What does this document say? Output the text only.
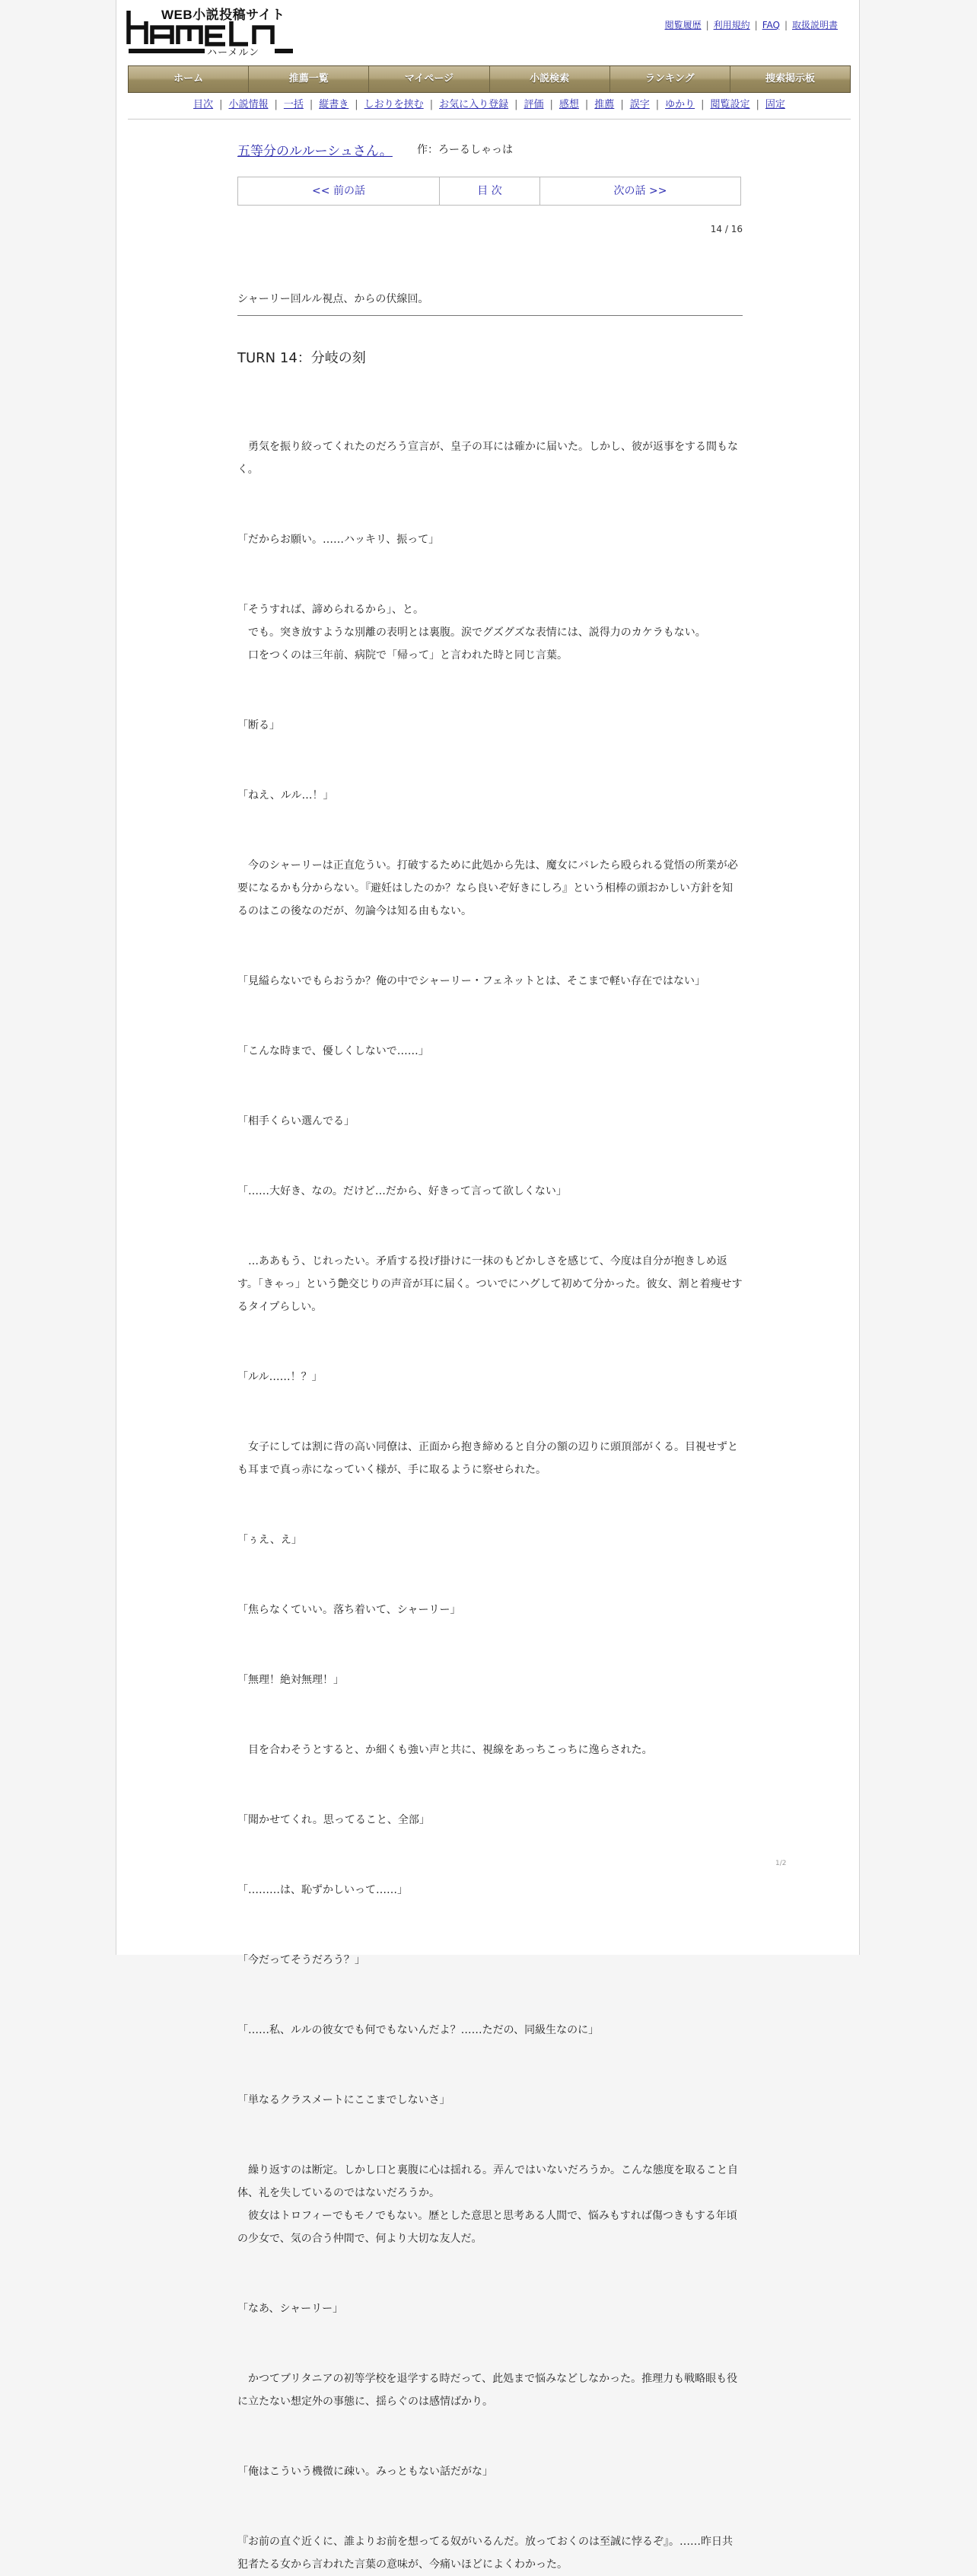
WEB小説投稿サイト
ハーメルン
閲覧履歴 | 利用規約 | FAQ | 取扱説明書
ホーム	推薦一覧	マイページ	小説検索	ランキング	捜索掲示板
目次 | 小説情報 | 一括 | 縦書き | しおりを挟む | お気に入り登録 | 評価 | 感想 | 推薦 | 誤字 | ゆかり | 閲覧設定 | 固定
五等分のルルーシュさん。 作：ろーるしゃっは
<< 前の話	目 次	次の話 >>
14 / 16
シャーリー回ルル視点、からの伏線回。
TURN 14：分岐の刻

　勇気を振り絞ってくれたのだろう宣言が、皇子の耳には確かに届いた。しかし、彼が返事をする間もなく。

「だからお願い。……ハッキリ、振って」

「そうすれば、諦められるから」、と。

　でも。突き放すような別離の表明とは裏腹。涙でグズグズな表情には、説得力のカケラもない。

　口をつくのは三年前、病院で「帰って」と言われた時と同じ言葉。

「断る」

「ねえ、ルル…！」

　今のシャーリーは正直危うい。打破するために此処から先は、魔女にバレたら殴られる覚悟の所業が必要になるかも分からない。『避妊はしたのか？なら良いぞ好きにしろ』という相棒の頭おかしい方針を知るのはこの後なのだが、勿論今は知る由もない。

「見縊らないでもらおうか？俺の中でシャーリー・フェネットとは、そこまで軽い存在ではない」

「こんな時まで、優しくしないで……」

「相手くらい選んでる」

「……大好き、なの。だけど…だから、好きって言って欲しくない」

　…ああもう、じれったい。矛盾する投げ掛けに一抹のもどかしさを感じて、今度は自分が抱きしめ返す。「きゃっ」という艶交じりの声音が耳に届く。ついでにハグして初めて分かった。彼女、割と着痩せするタイプらしい。

「ルル……！？」

　女子にしては割に背の高い同僚は、正面から抱き締めると自分の額の辺りに頭頂部がくる。目視せずとも耳まで真っ赤になっていく様が、手に取るように察せられた。

「ぅえ、え」

「焦らなくていい。落ち着いて、シャーリー」

「無理！絶対無理！」

　目を合わそうとすると、か細くも強い声と共に、視線をあっちこっちに逸らされた。

「聞かせてくれ。思ってること、全部」

「………は、恥ずかしいって……」

「今だってそうだろう？」

「……私、ルルの彼女でも何でもないんだよ？……ただの、同級生なのに」

「単なるクラスメートにここまでしないさ」

　繰り返すのは断定。しかし口と裏腹に心は揺れる。弄んではいないだろうか。こんな態度を取ること自体、礼を失しているのではないだろうか。

　彼女はトロフィーでもモノでもない。歴とした意思と思考ある人間で、悩みもすれば傷つきもする年頃の少女で、気の合う仲間で、何より大切な友人だ。

「なあ、シャーリー」

　かつてブリタニアの初等学校を退学する時だって、此処まで悩みなどしなかった。推理力も戦略眼も役に立たない想定外の事態に、揺らぐのは感情ばかり。

「俺はこういう機微に疎い。みっともない話だがな」

『お前の直ぐ近くに、誰よりお前を想ってる奴がいるんだ。放っておくのは至誠に悖るぞ』。……昨日共犯者たる女から言われた言葉の意味が、今痛いほどによくわかった。

1/2
